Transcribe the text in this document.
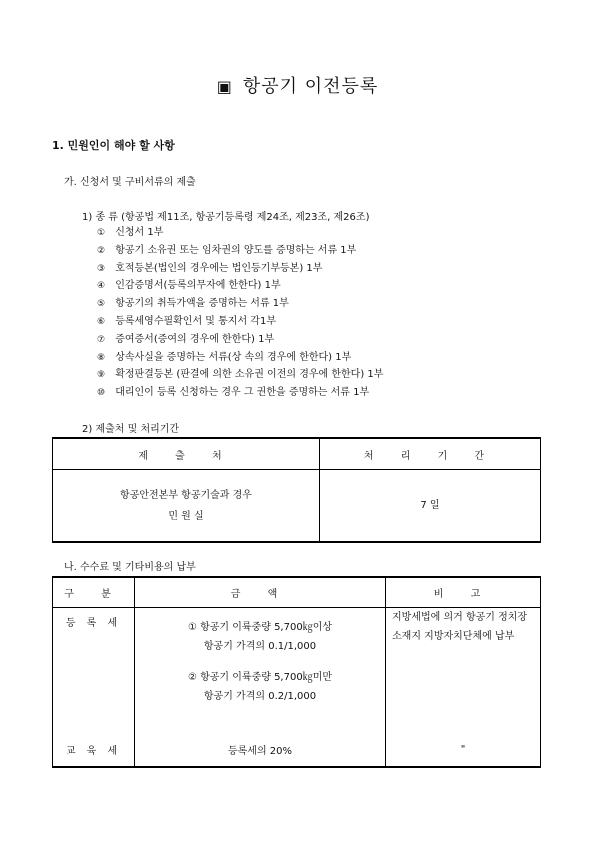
▣ 항공기 이전등록
1. 민원인이 해야 할 사항
가. 신청서 및 구비서류의 제출
1) 종 류 (항공법 제11조, 항공기등록령 제24조, 제23조, 제26조)
① 신청서 1부
② 항공기 소유권 또는 임차권의 양도를 증명하는 서류 1부
③ 호적등본(법인의 경우에는 법인등기부등본) 1부
④ 인감증명서(등록의무자에 한한다) 1부
⑤ 항공기의 취득가액을 증명하는 서류 1부
⑥ 등록세영수필확인서 및 통지서 각1부
⑦ 증여증서(증여의 경우에 한한다) 1부
⑧ 상속사실을 증명하는 서류(상 속의 경우에 한한다) 1부
⑨ 확정판결등본 (판결에 의한 소유권 이전의 경우에 한한다) 1부
⑩ 대리인이 등록 신청하는 경우 그 권한을 증명하는 서류 1부
2) 제출처 및 처리기간
제 출 처	처 리 기 간

항공안전본부 항공기술과 경우
민 원 실	7 일
나. 수수료 및 기타비용의 납부
구 분	금 액	비 고
등 록 세	① 항공기 이륙중량 5,700㎏이상
항공기 가격의 0.1/1,000
② 항공기 이륙중량 5,700㎏미만
항공기 가격의 0.2/1,000	지방세법에 의거 항공기 정치장 소재지 지방자치단체에 납부
교 육 세	등록세의 20%	"
